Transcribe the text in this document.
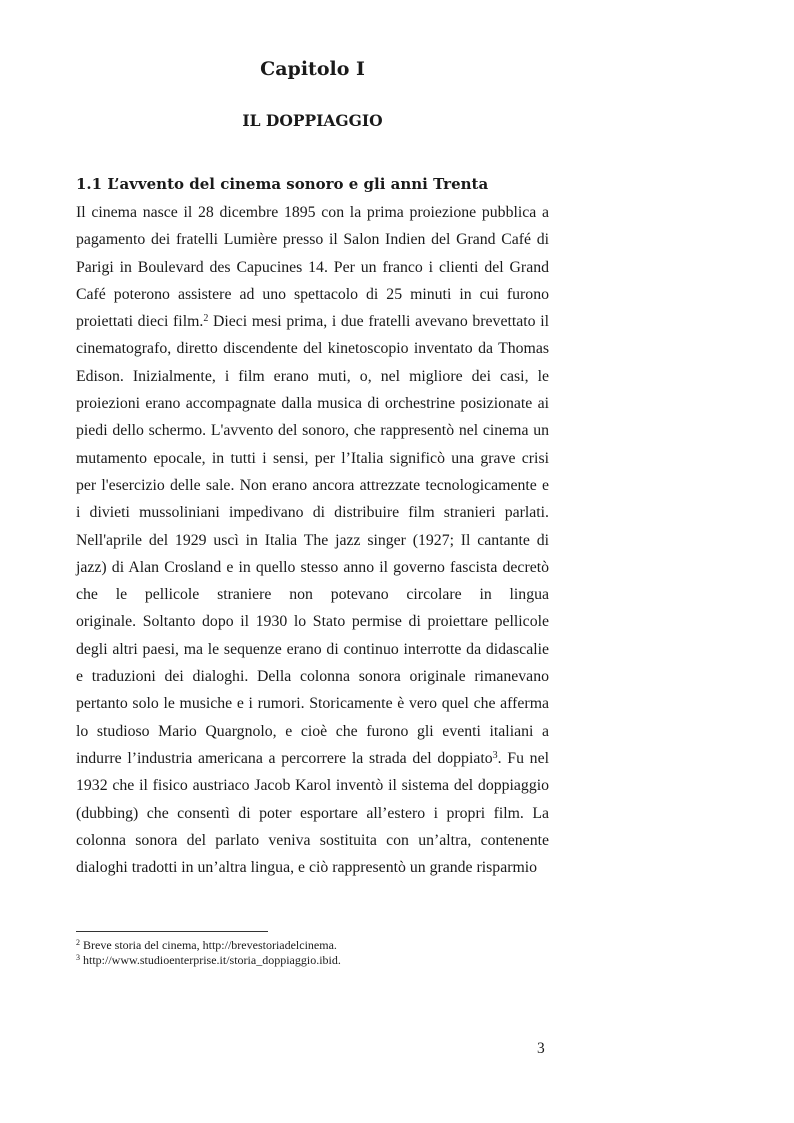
Capitolo I
IL DOPPIAGGIO
1.1 L’avvento del cinema sonoro e gli anni Trenta
Il cinema nasce il 28 dicembre 1895 con la prima proiezione pubblica a
pagamento dei fratelli Lumière presso il Salon Indien del Grand Café di
Parigi in Boulevard des Capucines 14. Per un franco i clienti del Grand
Café poterono assistere ad uno spettacolo di 25 minuti in cui furono
proiettati dieci film.$^2$ Dieci mesi prima, i due fratelli avevano brevettato il
cinematografo, diretto discendente del kinetoscopio inventato da Thomas
Edison. Inizialmente, i film erano muti, o, nel migliore dei casi, le
proiezioni erano accompagnate dalla musica di orchestrine posizionate ai
piedi dello schermo. L'avvento del sonoro, che rappresentò nel cinema un
mutamento epocale, in tutti i sensi, per l’Italia significò una grave crisi
per l'esercizio delle sale. Non erano ancora attrezzate tecnologicamente e
i divieti mussoliniani impedivano di distribuire film stranieri parlati.
Nell'aprile del 1929 uscì in Italia The jazz singer (1927; Il cantante di
jazz) di Alan Crosland e in quello stesso anno il governo fascista decretò
che le pellicole straniere non potevano circolare in lingua
originale. Soltanto dopo il 1930 lo Stato permise di proiettare pellicole
degli altri paesi, ma le sequenze erano di continuo interrotte da didascalie
e traduzioni dei dialoghi. Della colonna sonora originale rimanevano
pertanto solo le musiche e i rumori. Storicamente è vero quel che afferma
lo studioso Mario Quargnolo, e cioè che furono gli eventi italiani a
indurre l’industria americana a percorrere la strada del doppiato$^3$. Fu nel
1932 che il fisico austriaco Jacob Karol inventò il sistema del doppiaggio
(dubbing) che consentì di poter esportare all’estero i propri film. La
colonna sonora del parlato veniva sostituita con un’altra, contenente
dialoghi tradotti in un’altra lingua, e ciò rappresentò un grande risparmio
$^2$ Breve storia del cinema, http://brevestoriadelcinema.
$^3$ http://www.studioenterprise.it/storia_doppiaggio.ibid.
3
